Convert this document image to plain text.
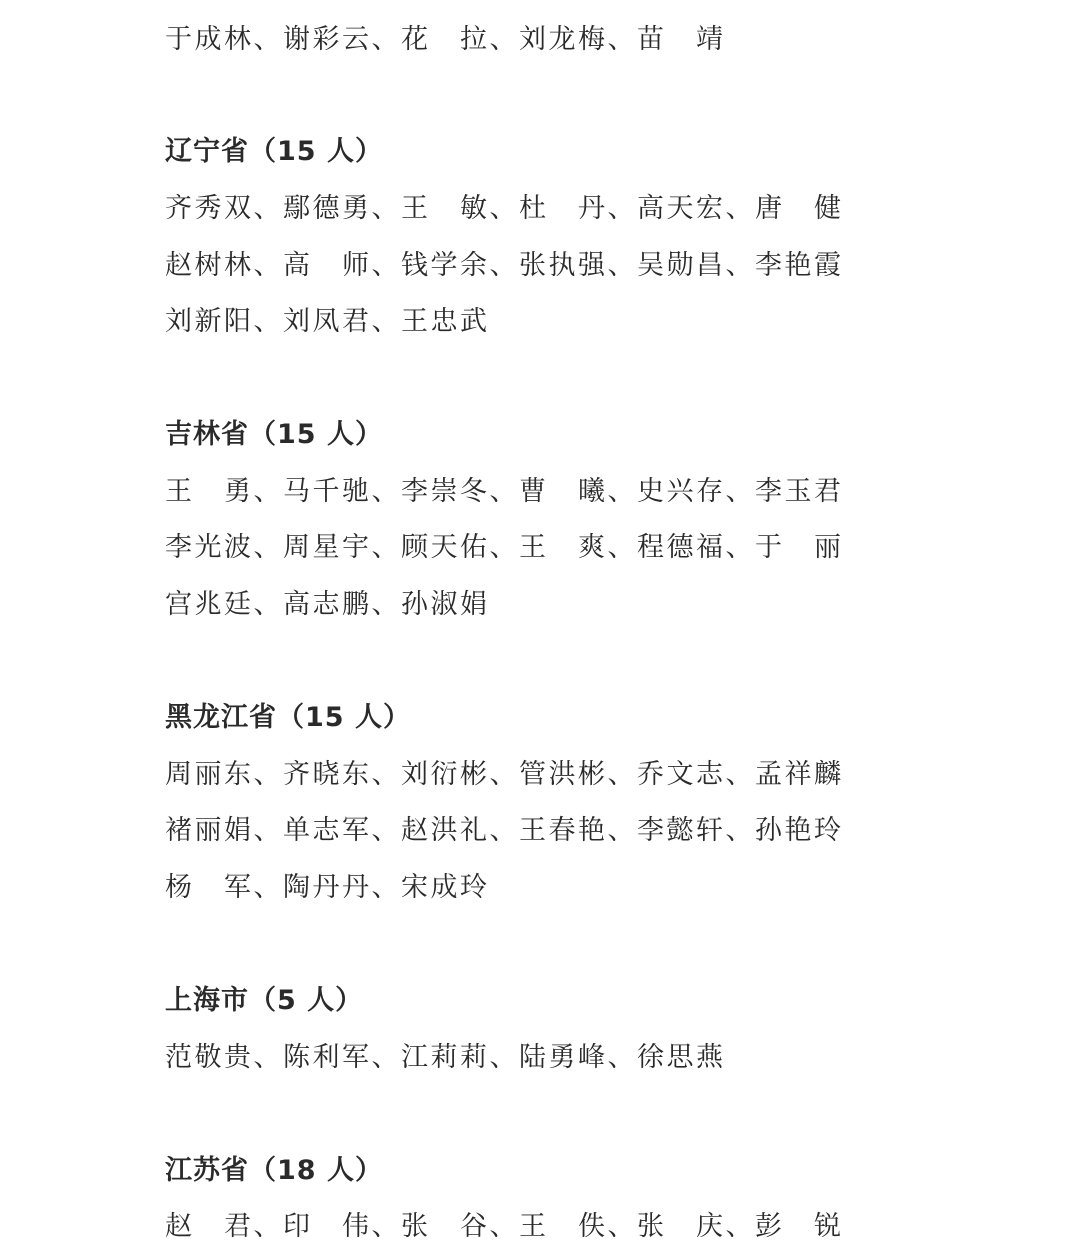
于成林、谢彩云、花　拉、刘龙梅、苗　靖
辽宁省（15 人）
齐秀双、鄢德勇、王　敏、杜　丹、高天宏、唐　健
赵树林、高　师、钱学余、张执强、吴勋昌、李艳霞
刘新阳、刘凤君、王忠武
吉林省（15 人）
王　勇、马千驰、李崇冬、曹　曦、史兴存、李玉君
李光波、周星宇、顾天佑、王　爽、程德福、于　丽
宫兆廷、高志鹏、孙淑娟
黑龙江省（15 人）
周丽东、齐晓东、刘衍彬、管洪彬、乔文志、孟祥麟
褚丽娟、单志军、赵洪礼、王春艳、李懿轩、孙艳玲
杨　军、陶丹丹、宋成玲
上海市（5 人）
范敬贵、陈利军、江莉莉、陆勇峰、徐思燕
江苏省（18 人）
赵　君、印　伟、张　谷、王　佚、张　庆、彭　锐
